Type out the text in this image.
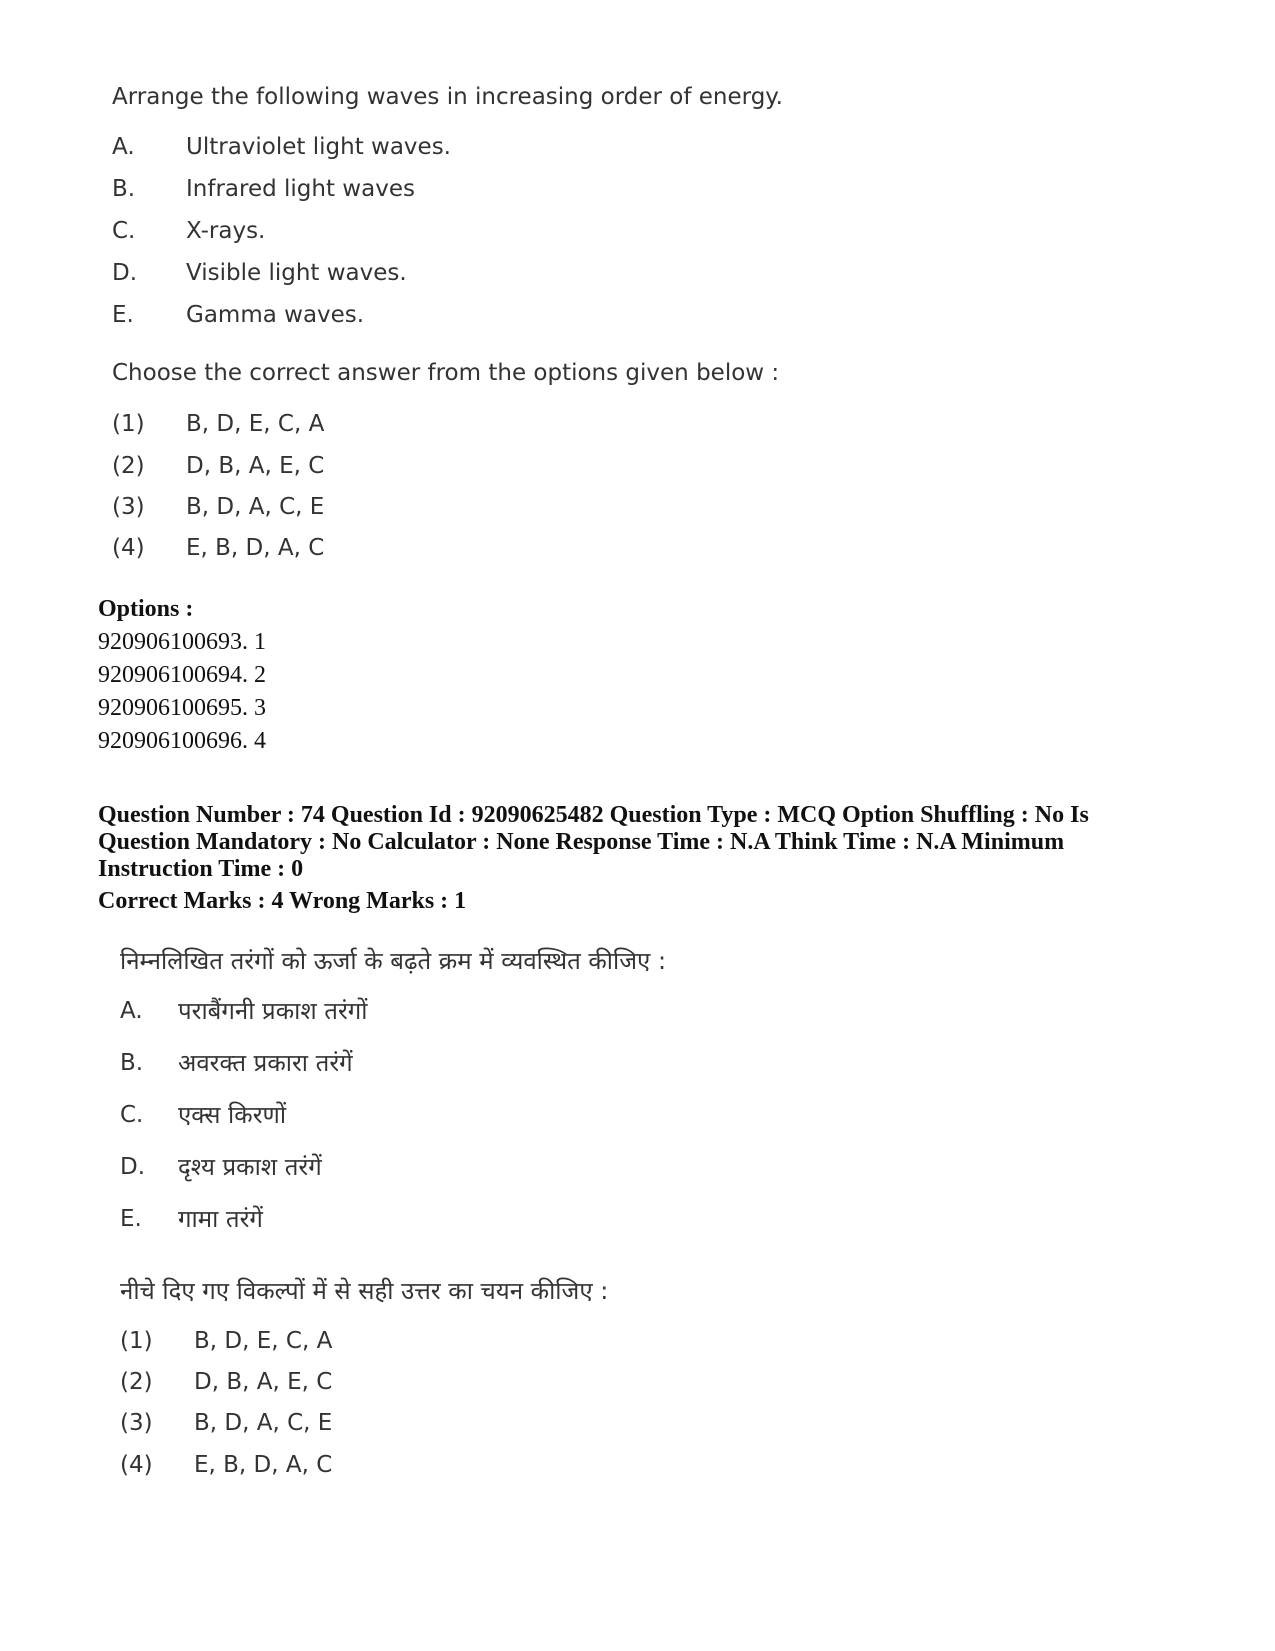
Arrange the following waves in increasing order of energy.
A. Ultraviolet light waves.
B. Infrared light waves
C. X-rays.
D. Visible light waves.
E. Gamma waves.
Choose the correct answer from the options given below :
(1) B, D, E, C, A
(2) D, B, A, E, C
(3) B, D, A, C, E
(4) E, B, D, A, C
Options :
920906100693. 1
920906100694. 2
920906100695. 3
920906100696. 4
Question Number : 74 Question Id : 92090625482 Question Type : MCQ Option Shuffling : No Is
Question Mandatory : No Calculator : None Response Time : N.A Think Time : N.A Minimum
Instruction Time : 0
Correct Marks : 4 Wrong Marks : 1
निम्नलिखित तरंगों को ऊर्जा के बढ़ते क्रम में व्यवस्थित कीजिए :
A. पराबैंगनी प्रकाश तरंगों
B. अवरक्त प्रकारा तरंगें
C. एक्स किरणों
D. दृश्य प्रकाश तरंगें
E. गामा तरंगें
नीचे दिए गए विकल्पों में से सही उत्तर का चयन कीजिए :
(1) B, D, E, C, A
(2) D, B, A, E, C
(3) B, D, A, C, E
(4) E, B, D, A, C
